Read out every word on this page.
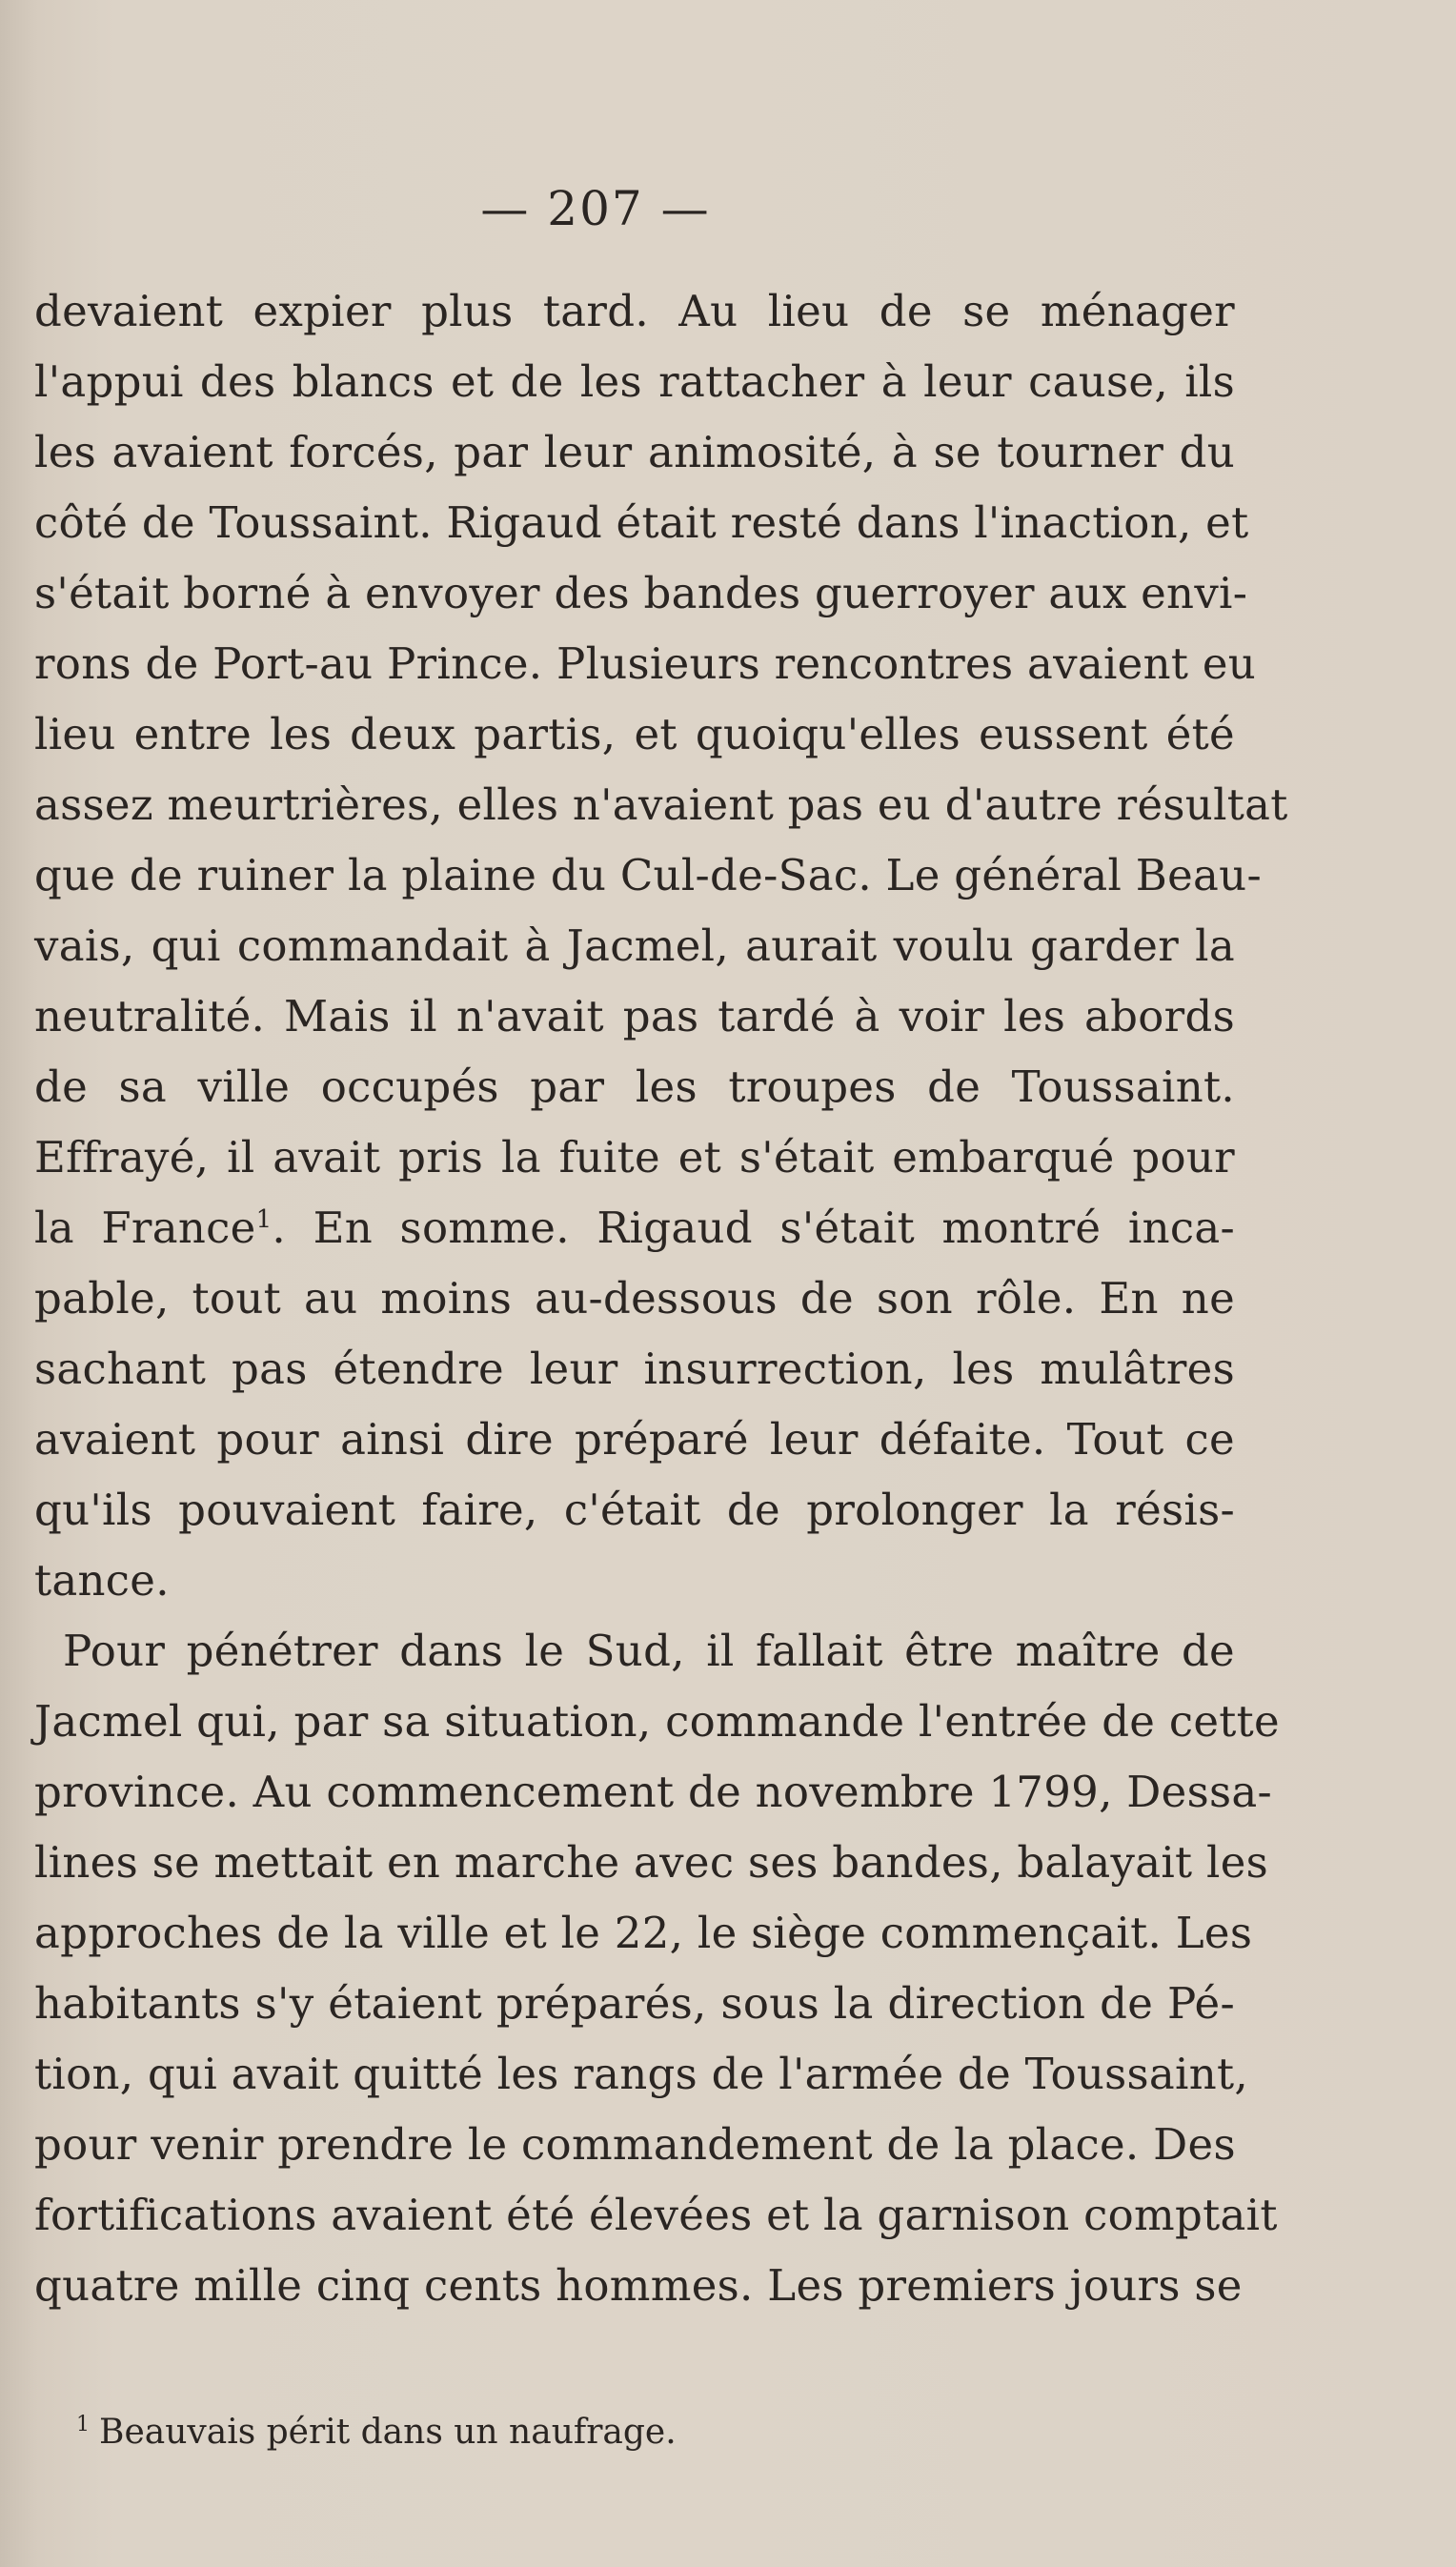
— 207 —
devaient expier plus tard. Au lieu de se ménager
l'appui des blancs et de les rattacher à leur cause, ils
les avaient forcés, par leur animosité, à se tourner du
côté de Toussaint. Rigaud était resté dans l'inaction, et
s'était borné à envoyer des bandes guerroyer aux envi-
rons de Port-au Prince. Plusieurs rencontres avaient eu
lieu entre les deux partis, et quoiqu'elles eussent été
assez meurtrières, elles n'avaient pas eu d'autre résultat
que de ruiner la plaine du Cul-de-Sac. Le général Beau-
vais, qui commandait à Jacmel, aurait voulu garder la
neutralité. Mais il n'avait pas tardé à voir les abords
de sa ville occupés par les troupes de Toussaint.
Effrayé, il avait pris la fuite et s'était embarqué pour
la France$^1$. En somme. Rigaud s'était montré inca-
pable, tout au moins au-dessous de son rôle. En ne
sachant pas étendre leur insurrection, les mulâtres
avaient pour ainsi dire préparé leur défaite. Tout ce
qu'ils pouvaient faire, c'était de prolonger la résis-
tance.
Pour pénétrer dans le Sud, il fallait être maître de
Jacmel qui, par sa situation, commande l'entrée de cette
province. Au commencement de novembre 1799, Dessa-
lines se mettait en marche avec ses bandes, balayait les
approches de la ville et le 22, le siège commençait. Les
habitants s'y étaient préparés, sous la direction de Pé-
tion, qui avait quitté les rangs de l'armée de Toussaint,
pour venir prendre le commandement de la place. Des
fortifications avaient été élevées et la garnison comptait
quatre mille cinq cents hommes. Les premiers jours se
$^1$ Beauvais périt dans un naufrage.
